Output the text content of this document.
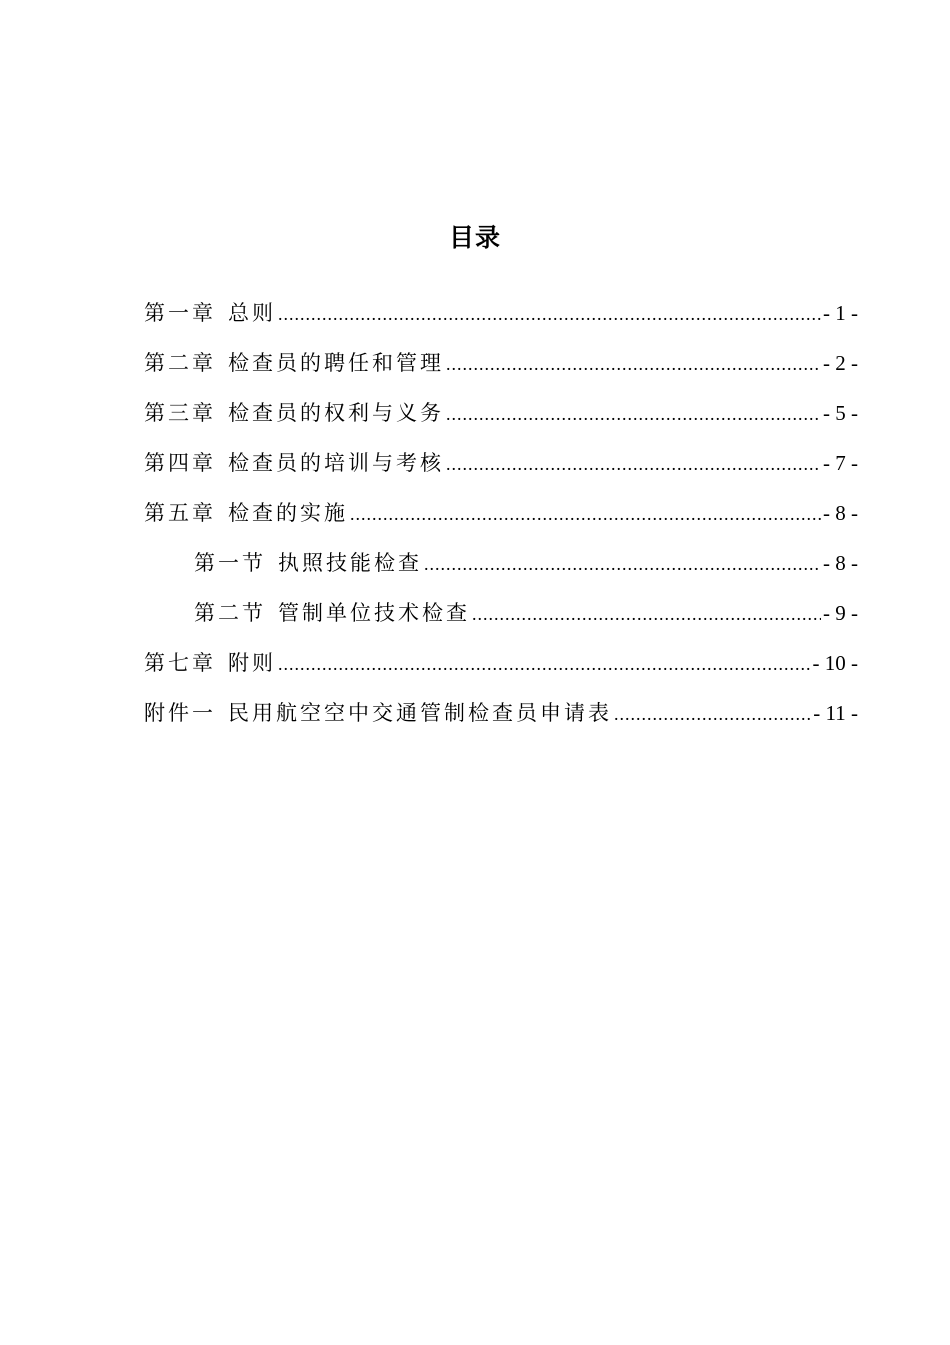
目录
第一章 总则 .....	- 1 -
第二章 检查员的聘任和管理 .....	- 2 -
第三章 检查员的权利与义务 .....	- 5 -
第四章 检查员的培训与考核 .....	- 7 -
第五章 检查的实施 .....	- 8 -
第一节 执照技能检查 .....	- 8 -
第二节 管制单位技术检查 .....	- 9 -
第七章 附则 .....	- 10 -
附件一 民用航空空中交通管制检查员申请表 .....	- 11 -
